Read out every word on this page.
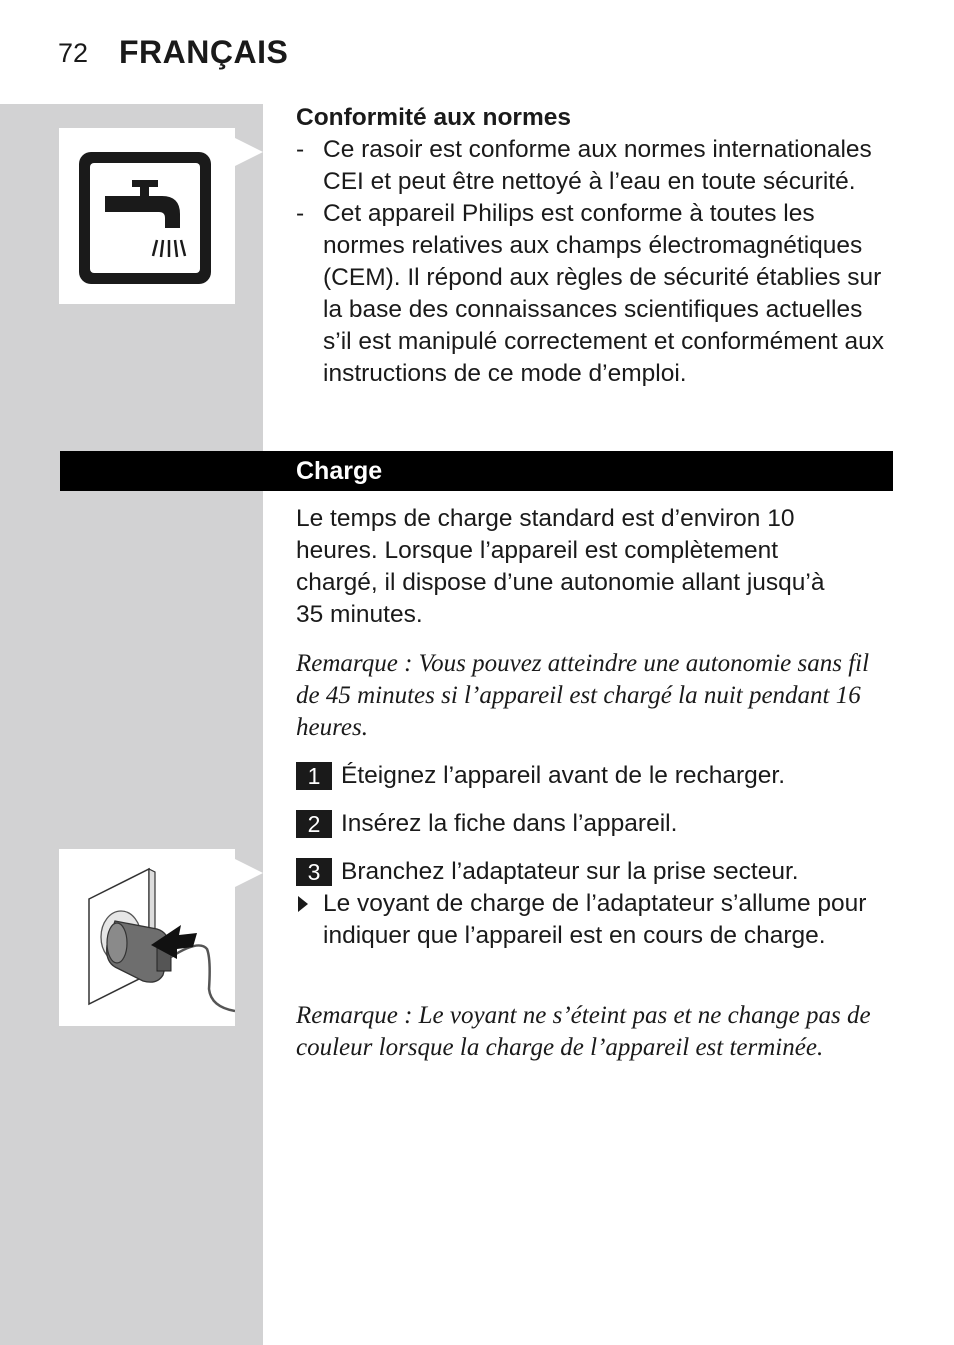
72 FRANÇAIS
Conformité aux normes
- Ce rasoir est conforme aux normes internationales CEI et peut être nettoyé à l’eau en toute sécurité.
- Cet appareil Philips est conforme à toutes les normes relatives aux champs électromagnétiques (CEM). Il répond aux règles de sécurité établies sur la base des connaissances scientifiques actuelles s’il est manipulé correctement et conformément aux instructions de ce mode d’emploi.
Charge
Le temps de charge standard est d’environ 10 heures. Lorsque l’appareil est complètement chargé, il dispose d’une autonomie allant jusqu’à 35 minutes.
Remarque : Vous pouvez atteindre une autonomie sans fil de 45 minutes si l’appareil est chargé la nuit pendant 16 heures.
1 Éteignez l’appareil avant de le recharger.
2 Insérez la fiche dans l’appareil.
3 Branchez l’adaptateur sur la prise secteur.
Le voyant de charge de l’adaptateur s’allume pour indiquer que l’appareil est en cours de charge.
Remarque : Le voyant ne s’éteint pas et ne change pas de couleur lorsque la charge de l’appareil est terminée.
